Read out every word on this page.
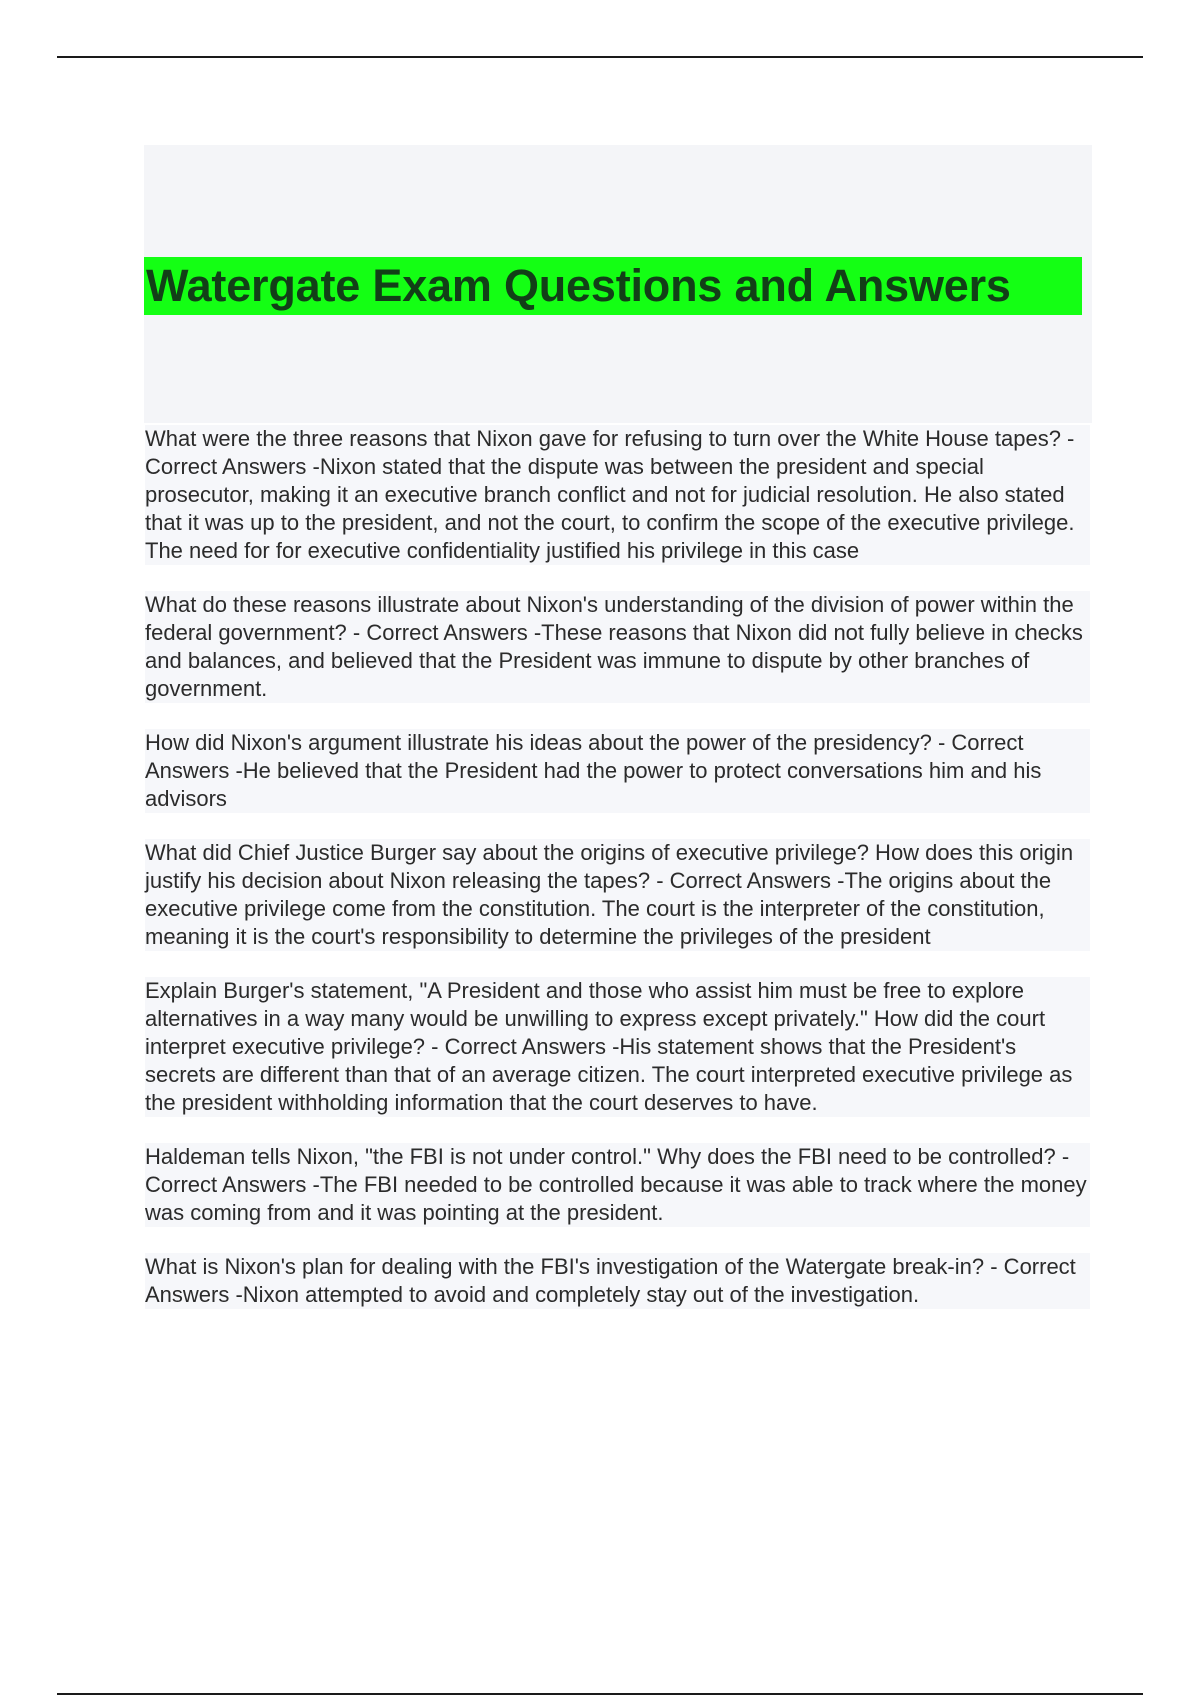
Watergate Exam Questions and Answers

What were the three reasons that Nixon gave for refusing to turn over the White House tapes? - Correct Answers -Nixon stated that the dispute was between the president and special prosecutor, making it an executive branch conflict and not for judicial resolution. He also stated that it was up to the president, and not the court, to confirm the scope of the executive privilege. The need for for executive confidentiality justified his privilege in this case

What do these reasons illustrate about Nixon's understanding of the division of power within the federal government? - Correct Answers -These reasons that Nixon did not fully believe in checks and balances, and believed that the President was immune to dispute by other branches of government.

How did Nixon's argument illustrate his ideas about the power of the presidency? - Correct Answers -He believed that the President had the power to protect conversations him and his advisors

What did Chief Justice Burger say about the origins of executive privilege? How does this origin justify his decision about Nixon releasing the tapes? - Correct Answers -The origins about the executive privilege come from the constitution. The court is the interpreter of the constitution, meaning it is the court's responsibility to determine the privileges of the president

Explain Burger's statement, "A President and those who assist him must be free to explore alternatives in a way many would be unwilling to express except privately." How did the court interpret executive privilege? - Correct Answers -His statement shows that the President's secrets are different than that of an average citizen. The court interpreted executive privilege as the president withholding information that the court deserves to have.

Haldeman tells Nixon, "the FBI is not under control." Why does the FBI need to be controlled? - Correct Answers -The FBI needed to be controlled because it was able to track where the money was coming from and it was pointing at the president.

What is Nixon's plan for dealing with the FBI's investigation of the Watergate break-in? - Correct Answers -Nixon attempted to avoid and completely stay out of the investigation.
